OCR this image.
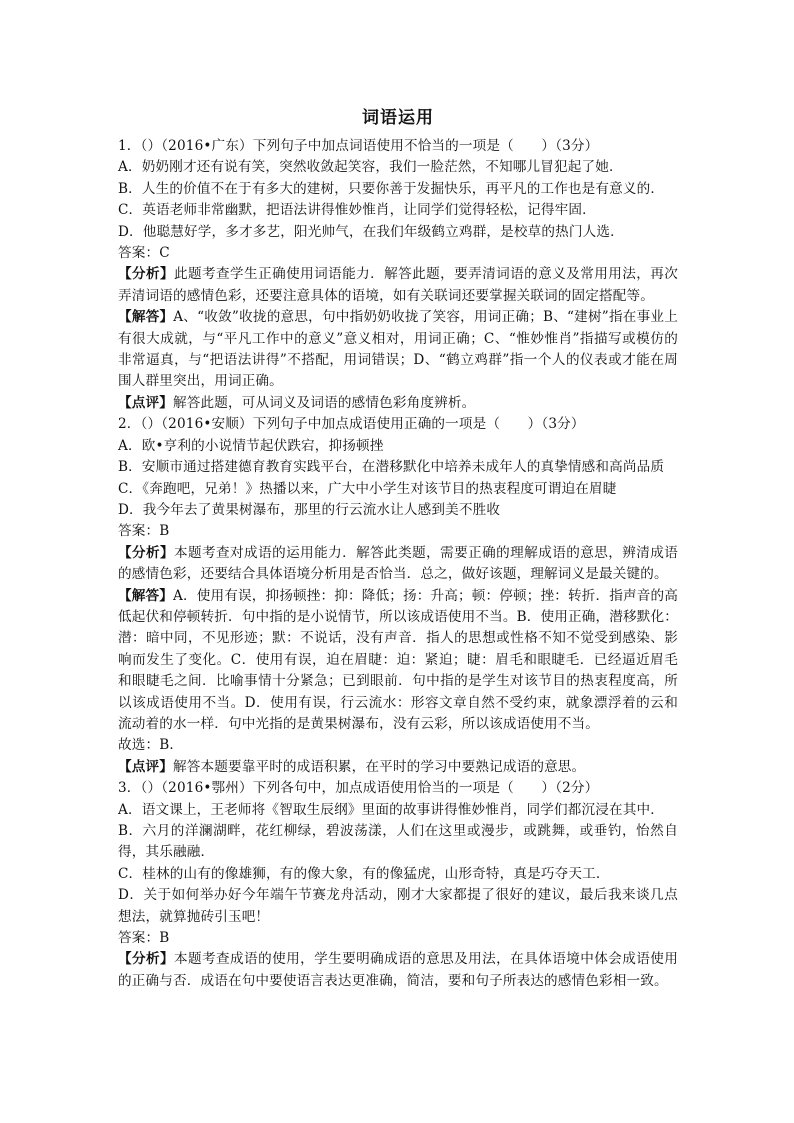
词语运用
1．（）（2016•广东）下列句子中加点词语使用不恰当的一项是（　　）（3分）
A．奶奶刚才还有说有笑，突然收敛起笑容，我们一脸茫然，不知哪儿冒犯起了她．
B．人生的价值不在于有多大的建树，只要你善于发掘快乐，再平凡的工作也是有意义的．
C．英语老师非常幽默，把语法讲得惟妙惟肖，让同学们觉得轻松，记得牢固．
D．他聪慧好学，多才多艺，阳光帅气，在我们年级鹤立鸡群，是校草的热门人选．
答案：C
【分析】此题考查学生正确使用词语能力．解答此题，要弄清词语的意义及常用用法，再次弄清词语的感情色彩，还要注意具体的语境，如有关联词还要掌握关联词的固定搭配等。
【解答】A、“收敛”收拢的意思，句中指奶奶收拢了笑容，用词正确；B、“建树”指在事业上有很大成就，与“平凡工作中的意义”意义相对，用词正确；C、“惟妙惟肖”指描写或模仿的非常逼真，与“把语法讲得”不搭配，用词错误；D、“鹤立鸡群”指一个人的仪表或才能在周围人群里突出，用词正确。
【点评】解答此题，可从词义及词语的感情色彩角度辨析。
2．（）（2016•安顺）下列句子中加点成语使用正确的一项是（　　）（3分）
A．欧•亨利的小说情节起伏跌宕，抑扬顿挫
B．安顺市通过搭建德育教育实践平台，在潜移默化中培养未成年人的真挚情感和高尚品质
C．《奔跑吧，兄弟！》热播以来，广大中小学生对该节目的热衷程度可谓迫在眉睫
D．我今年去了黄果树瀑布，那里的行云流水让人感到美不胜收
答案：B
【分析】本题考查对成语的运用能力．解答此类题，需要正确的理解成语的意思，辨清成语的感情色彩，还要结合具体语境分析用是否恰当．总之，做好该题，理解词义是最关键的。
【解答】A．使用有误，抑扬顿挫：抑：降低；扬：升高；顿：停顿；挫：转折．指声音的高低起伏和停顿转折．句中指的是小说情节，所以该成语使用不当。B．使用正确，潜移默化：潜：暗中同，不见形迹；默：不说话，没有声音．指人的思想或性格不知不觉受到感染、影响而发生了变化。C．使用有误，迫在眉睫：迫：紧迫；睫：眉毛和眼睫毛．已经逼近眉毛和眼睫毛之间．比喻事情十分紧急；已到眼前．句中指的是学生对该节目的热衷程度高，所以该成语使用不当。D．使用有误，行云流水：形容文章自然不受约束，就象漂浮着的云和流动着的水一样．句中光指的是黄果树瀑布，没有云彩，所以该成语使用不当。
故选：B．
【点评】解答本题要靠平时的成语积累，在平时的学习中要熟记成语的意思。
3．（）（2016•鄂州）下列各句中，加点成语使用恰当的一项是（　　）（2分）
A．语文课上，王老师将《智取生辰纲》里面的故事讲得惟妙惟肖，同学们都沉浸在其中．
B．六月的洋澜湖畔，花红柳绿，碧波荡漾，人们在这里或漫步，或跳舞，或垂钓，怡然自得，其乐融融．
C．桂林的山有的像雄狮，有的像大象，有的像猛虎，山形奇特，真是巧夺天工．
D．关于如何举办好今年端午节赛龙舟活动，刚才大家都提了很好的建议，最后我来谈几点想法，就算抛砖引玉吧！
答案：B
【分析】本题考查成语的使用，学生要明确成语的意思及用法，在具体语境中体会成语使用的正确与否．成语在句中要使语言表达更准确，简洁，要和句子所表达的感情色彩相一致。
